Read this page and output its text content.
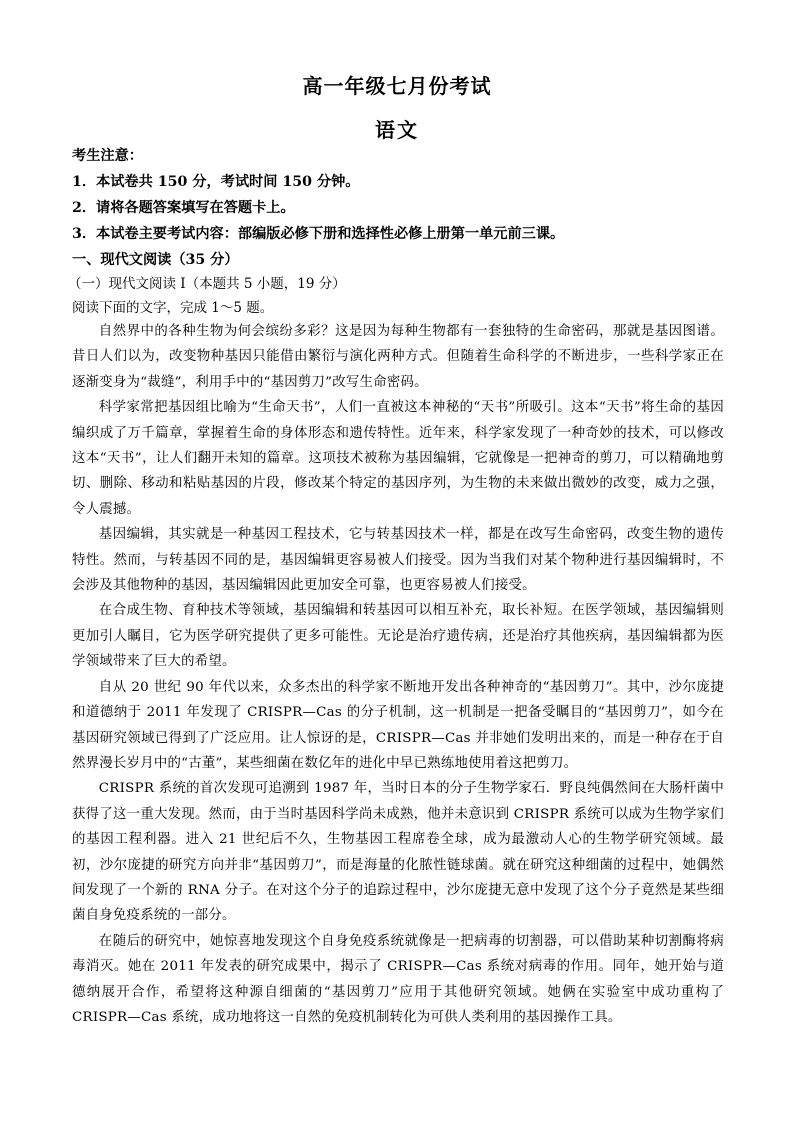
高一年级七月份考试
语文
考生注意：
1．本试卷共 150 分，考试时间 150 分钟。
2．请将各题答案填写在答题卡上。
3．本试卷主要考试内容：部编版必修下册和选择性必修上册第一单元前三课。
一、现代文阅读（35 分）
（一）现代文阅读 I（本题共 5 小题，19 分）
阅读下面的文字，完成 1～5 题。

自然界中的各种生物为何会缤纷多彩？这是因为每种生物都有一套独特的生命密码，那就是基因图谱。昔日人们以为，改变物种基因只能借由繁衍与演化两种方式。但随着生命科学的不断进步，一些科学家正在逐渐变身为“裁缝”，利用手中的“基因剪刀”改写生命密码。

科学家常把基因组比喻为“生命天书”，人们一直被这本神秘的“天书”所吸引。这本“天书”将生命的基因编织成了万千篇章，掌握着生命的身体形态和遗传特性。近年来，科学家发现了一种奇妙的技术，可以修改这本“天书”，让人们翻开未知的篇章。这项技术被称为基因编辑，它就像是一把神奇的剪刀，可以精确地剪切、删除、移动和粘贴基因的片段，修改某个特定的基因序列，为生物的未来做出微妙的改变，威力之强，令人震撼。

基因编辑，其实就是一种基因工程技术，它与转基因技术一样，都是在改写生命密码，改变生物的遗传特性。然而，与转基因不同的是，基因编辑更容易被人们接受。因为当我们对某个物种进行基因编辑时，不会涉及其他物种的基因，基因编辑因此更加安全可靠，也更容易被人们接受。

在合成生物、育种技术等领域，基因编辑和转基因可以相互补充，取长补短。在医学领域，基因编辑则更加引人瞩目，它为医学研究提供了更多可能性。无论是治疗遗传病，还是治疗其他疾病，基因编辑都为医学领域带来了巨大的希望。

自从 20 世纪 90 年代以来，众多杰出的科学家不断地开发出各种神奇的“基因剪刀”。其中，沙尔庞捷和道德纳于 2011 年发现了 CRISPR—Cas 的分子机制，这一机制是一把备受瞩目的“基因剪刀”，如今在基因研究领域已得到了广泛应用。让人惊讶的是，CRISPR—Cas 并非她们发明出来的，而是一种存在于自然界漫长岁月中的“古董”，某些细菌在数亿年的进化中早已熟练地使用着这把剪刀。

CRISPR 系统的首次发现可追溯到 1987 年，当时日本的分子生物学家石．野良纯偶然间在大肠杆菌中获得了这一重大发现。然而，由于当时基因科学尚未成熟，他并未意识到 CRISPR 系统可以成为生物学家们的基因工程利器。进入 21 世纪后不久，生物基因工程席卷全球，成为最激动人心的生物学研究领域。最初，沙尔庞捷的研究方向并非“基因剪刀”，而是海量的化脓性链球菌。就在研究这种细菌的过程中，她偶然间发现了一个新的 RNA 分子。在对这个分子的追踪过程中，沙尔庞捷无意中发现了这个分子竟然是某些细菌自身免疫系统的一部分。

在随后的研究中，她惊喜地发现这个自身免疫系统就像是一把病毒的切割器，可以借助某种切割酶将病毒消灭。她在 2011 年发表的研究成果中，揭示了 CRISPR—Cas 系统对病毒的作用。同年，她开始与道德纳展开合作，希望将这种源自细菌的“基因剪刀”应用于其他研究领域。她俩在实验室中成功重构了 CRISPR—Cas 系统，成功地将这一自然的免疫机制转化为可供人类利用的基因操作工具。
